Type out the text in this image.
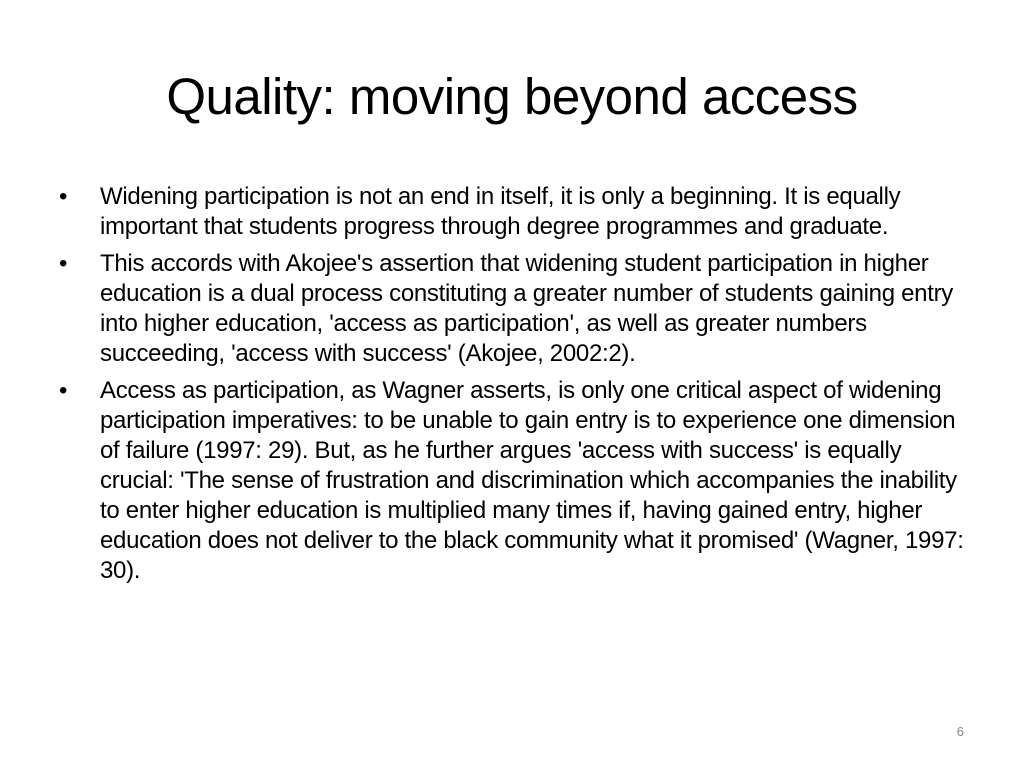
Quality: moving beyond access
• Widening participation is not an end in itself, it is only a beginning. It is equally important that students progress through degree programmes and graduate.
• This accords with Akojee's assertion that widening student participation in higher education is a dual process constituting a greater number of students gaining entry into higher education, 'access as participation', as well as greater numbers succeeding, 'access with success' (Akojee, 2002:2).
• Access as participation, as Wagner asserts, is only one critical aspect of widening participation imperatives: to be unable to gain entry is to experience one dimension of failure (1997: 29). But, as he further argues 'access with success' is equally crucial: 'The sense of frustration and discrimination which accompanies the inability to enter higher education is multiplied many times if, having gained entry, higher education does not deliver to the black community what it promised' (Wagner, 1997: 30).
6
